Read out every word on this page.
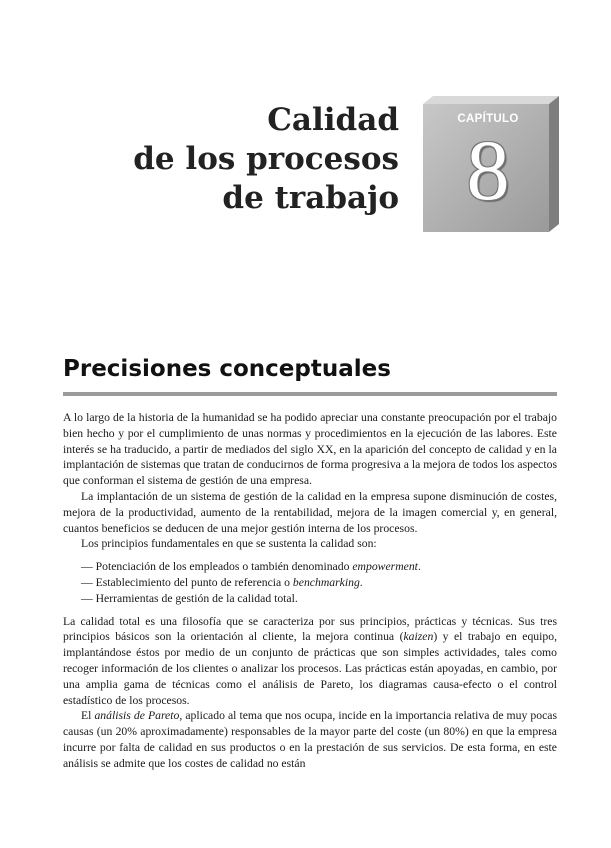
Calidad
de los procesos
de trabajo
CAPÍTULO
8
Precisiones conceptuales

A lo largo de la historia de la humanidad se ha podido apreciar una constante preocupación por el trabajo bien hecho y por el cumplimiento de unas normas y procedimientos en la ejecución de las labores. Este interés se ha traducido, a partir de mediados del siglo XX, en la aparición del concepto de calidad y en la implantación de sistemas que tratan de conducirnos de forma progresiva a la mejora de todos los aspectos que conforman el sistema de gestión de una empresa.

La implantación de un sistema de gestión de la calidad en la empresa supone disminución de costes, mejora de la productividad, aumento de la rentabilidad, mejora de la imagen comercial y, en general, cuantos beneficios se deducen de una mejor gestión interna de los procesos.

Los principios fundamentales en que se sustenta la calidad son:

— Potenciación de los empleados o también denominado empowerment.
— Establecimiento del punto de referencia o benchmarking.
— Herramientas de gestión de la calidad total.

La calidad total es una filosofía que se caracteriza por sus principios, prácticas y técnicas. Sus tres principios básicos son la orientación al cliente, la mejora continua (kaizen) y el trabajo en equipo, implantándose éstos por medio de un conjunto de prácticas que son simples actividades, tales como recoger información de los clientes o analizar los procesos. Las prácticas están apoyadas, en cambio, por una amplia gama de técnicas como el análisis de Pareto, los diagramas causa-efecto o el control estadístico de los procesos.

El análisis de Pareto, aplicado al tema que nos ocupa, incide en la importancia relativa de muy pocas causas (un 20% aproximadamente) responsables de la mayor parte del coste (un 80%) en que la empresa incurre por falta de calidad en sus productos o en la prestación de sus servicios. De esta forma, en este análisis se admite que los costes de calidad no están
